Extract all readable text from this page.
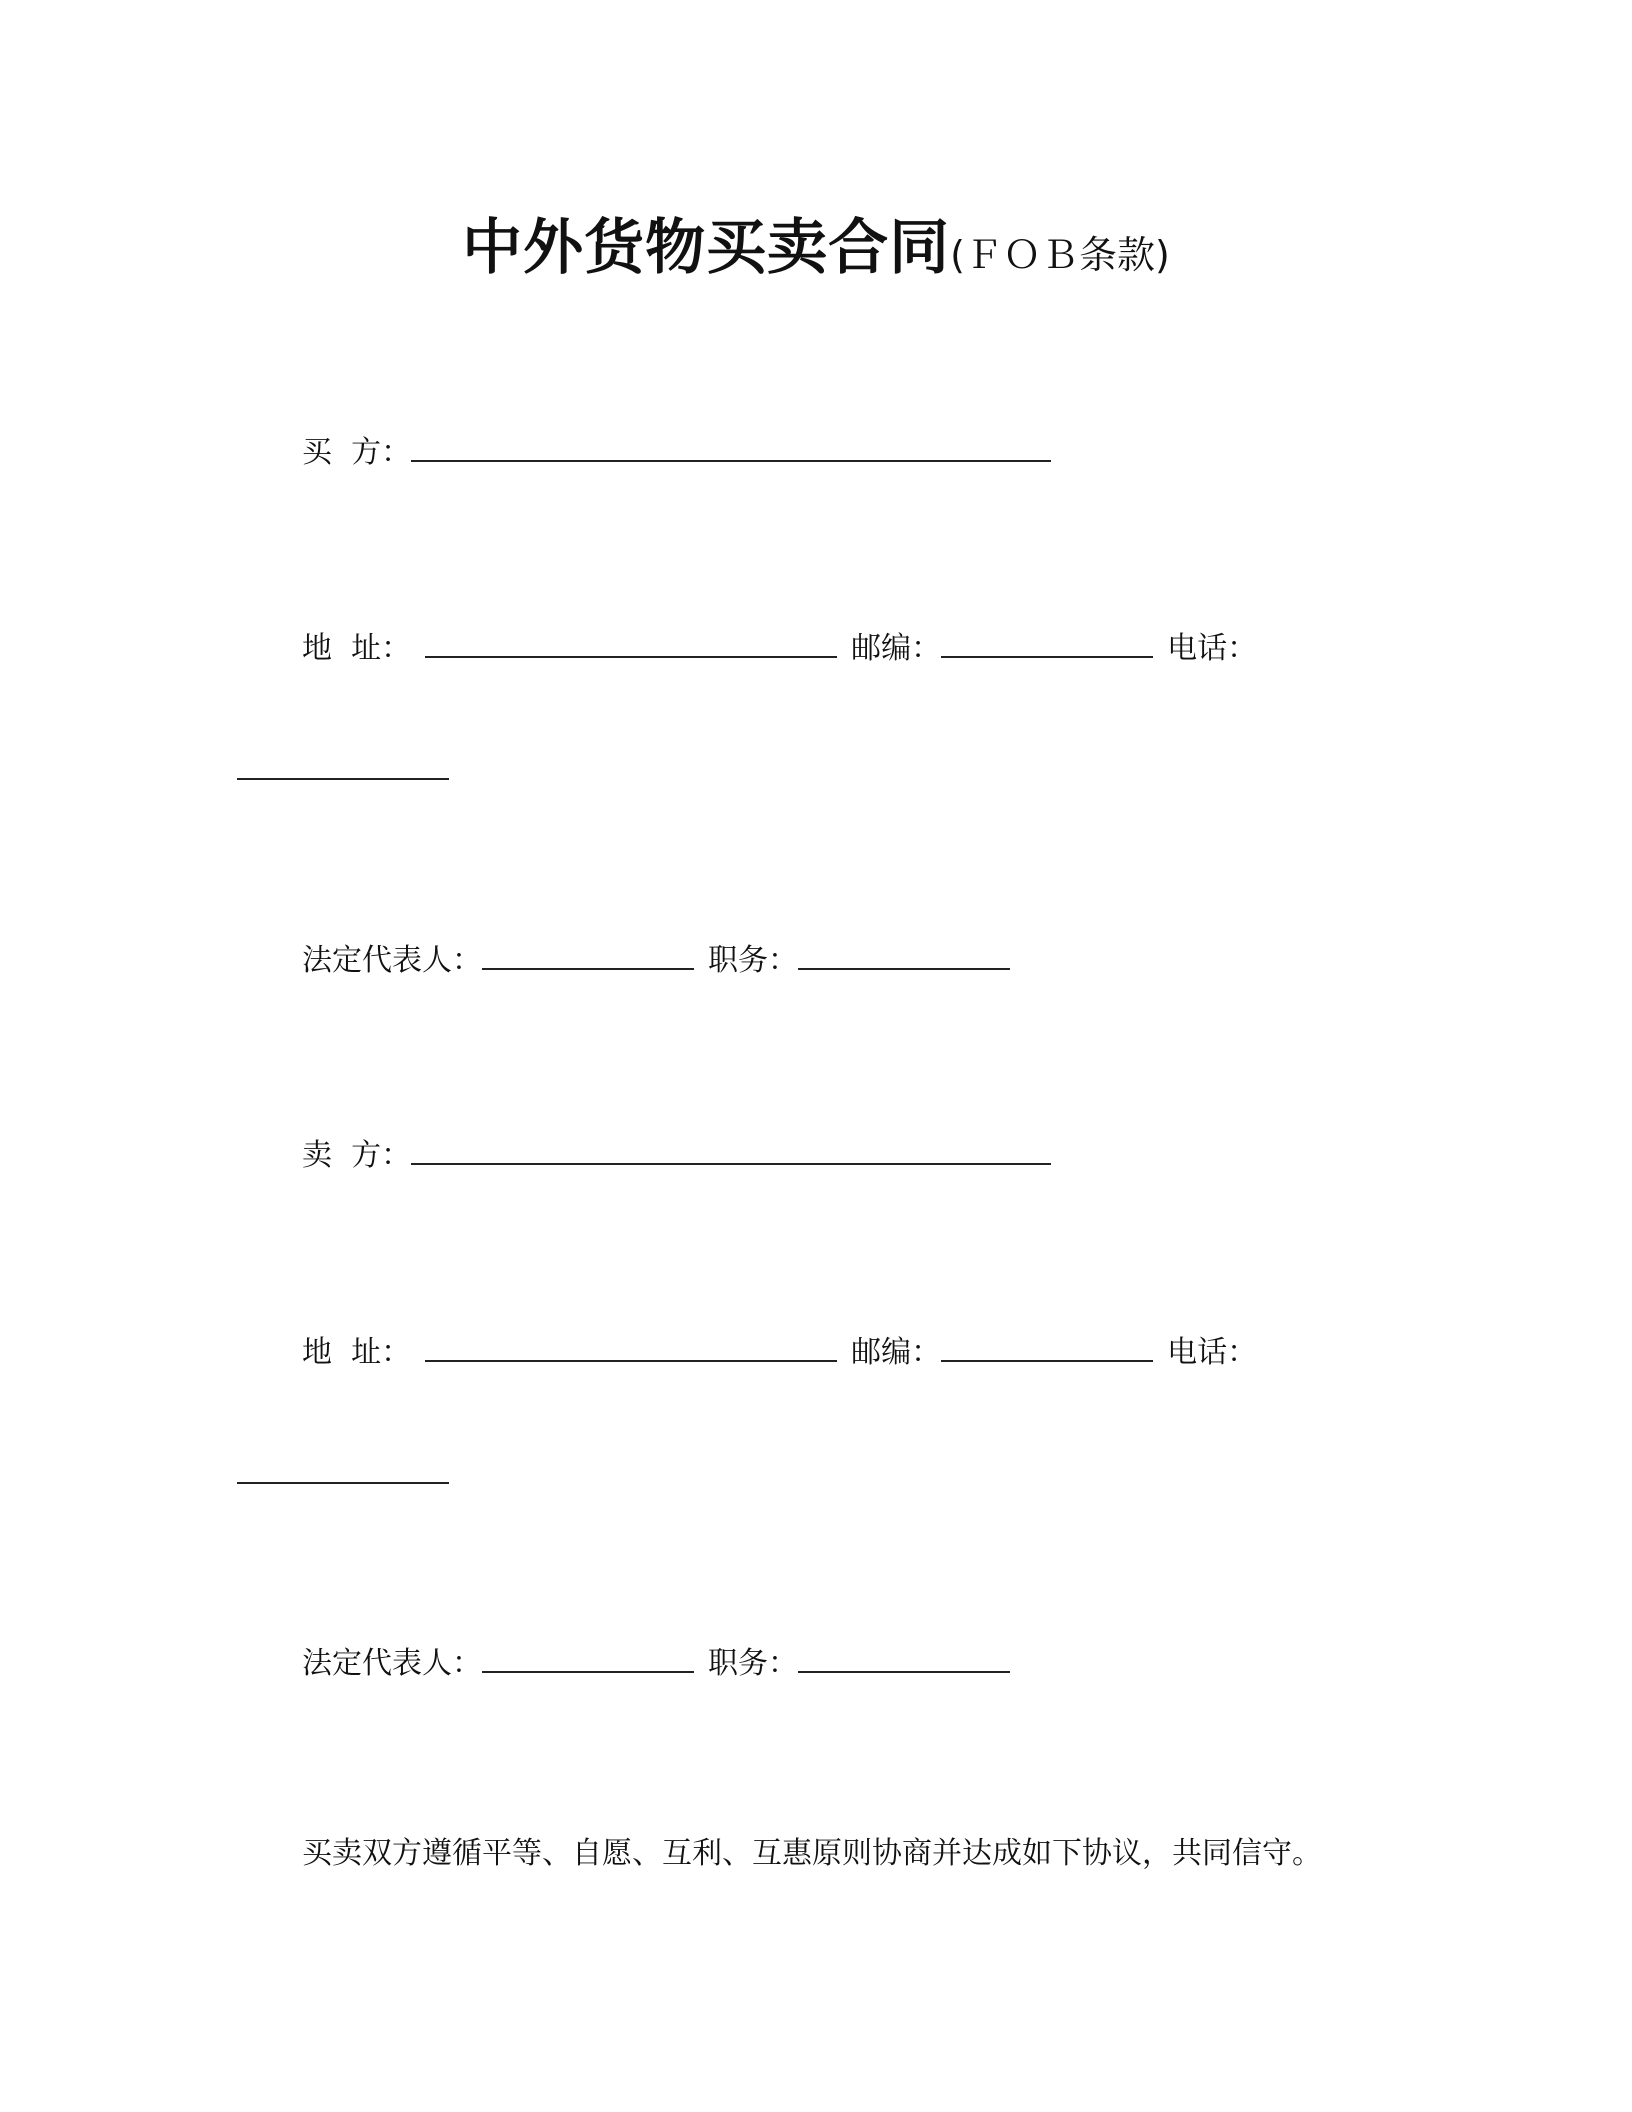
中外货物买卖合同(ＦＯＢ条款)
买  方：
地  址：	邮编：	电话：
法定代表人：	职务：
卖  方：
地  址：	邮编：	电话：
法定代表人：	职务：
买卖双方遵循平等、自愿、互利、互惠原则协商并达成如下协议，共同信守。
